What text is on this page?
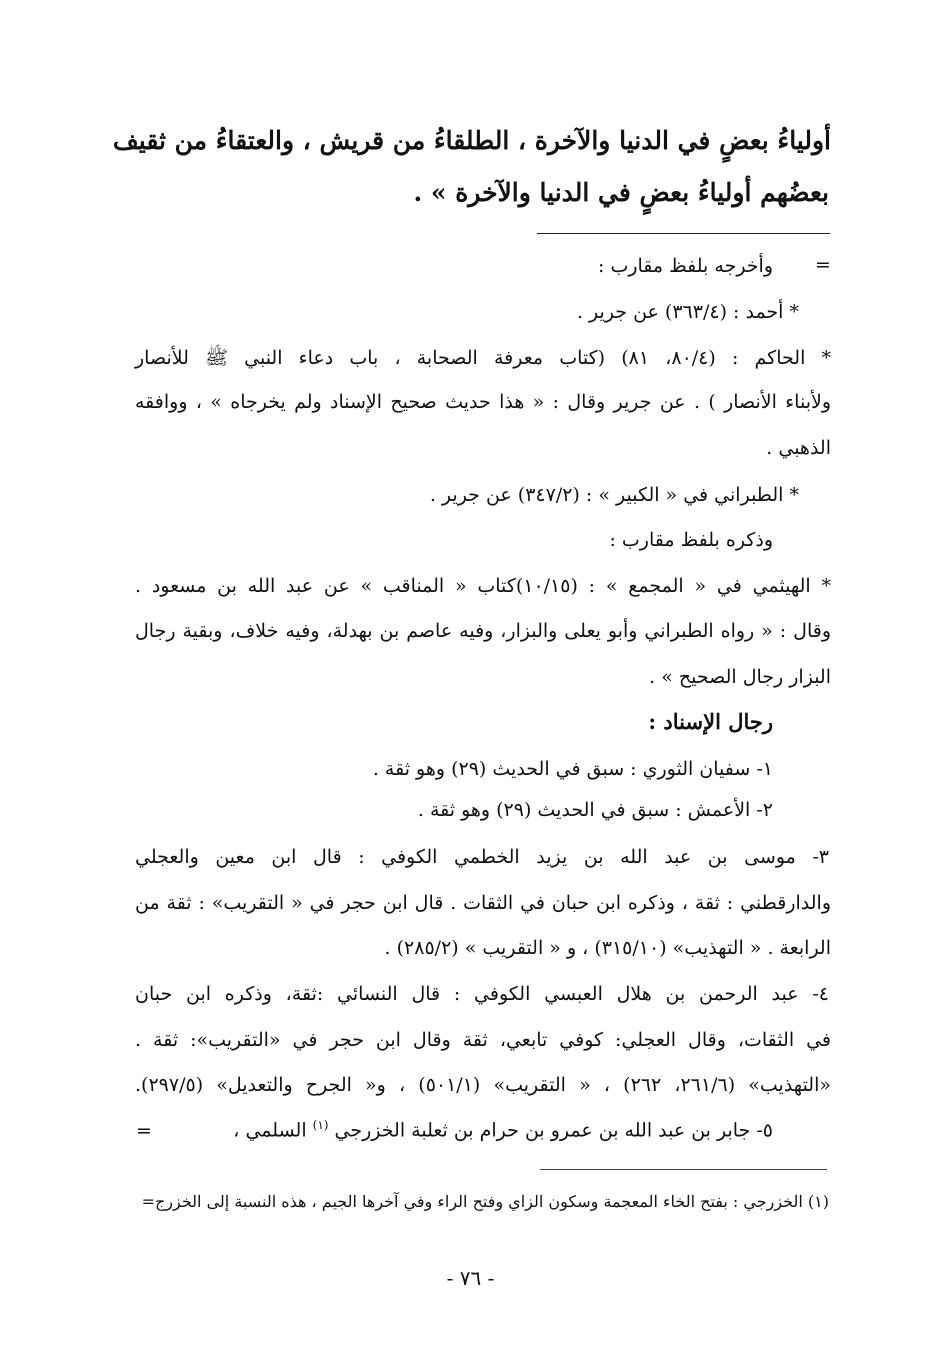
أولياءُ بعضٍ في الدنيا والآخرة ، الطلقاءُ من قريش ، والعتقاءُ من ثقيف
بعضُهم أولياءُ بعضٍ في الدنيا والآخرة » .
=
وأخرجه بلفظ مقارب :
* أحمد : (٣٦٣/٤) عن جرير .
* الحاكم : (٨٠/٤، ٨١) (كتاب معرفة الصحابة ، باب دعاء النبي ﷺ للأنصار
ولأبناء الأنصار ) . عن جرير وقال : « هذا حديث صحيح الإسناد ولم يخرجاه » ، ووافقه
الذهبي .
* الطبراني في « الكبير » : (٣٤٧/٢) عن جرير .
وذكره بلفظ مقارب :
* الهيثمي في « المجمع » : (١٠/١٥)كتاب « المناقب » عن عبد الله بن مسعود .
وقال : « رواه الطبراني وأبو يعلى والبزار، وفيه عاصم بن بهدلة، وفيه خلاف، وبقية رجال
البزار رجال الصحيح » .
رجال الإسناد :
١- سفيان الثوري : سبق في الحديث (٢٩) وهو ثقة .
٢- الأعمش : سبق في الحديث (٢٩) وهو ثقة .
٣- موسى بن عبد الله بن يزيد الخطمي الكوفي : قال ابن معين والعجلي
والدارقطني : ثقة ، وذكره ابن حبان في الثقات . قال ابن حجر في « التقريب» : ثقة من
الرابعة . « التهذيب» (٣١٥/١٠) ، و « التقريب » (٢٨٥/٢) .
٤- عبد الرحمن بن هلال العبسي الكوفي : قال النسائي :ثقة، وذكره ابن حبان
في الثقات، وقال العجلي: كوفي تابعي، ثقة وقال ابن حجر في «التقريب»: ثقة .
«التهذيب» (٢٦١/٦، ٢٦٢) ، « التقريب» (٥٠١/١) ، و« الجرح والتعديل» (٢٩٧/٥).
٥- جابر بن عبد الله بن عمرو بن حرام بن ثعلبة الخزرجي $^{(١)}$ السلمي ،
=
(١) الخزرجي : بفتح الخاء المعجمة وسكون الزاي وفتح الراء وفي آخرها الجيم ، هذه النسبة إلى الخزرج=
- ٧٦ -
